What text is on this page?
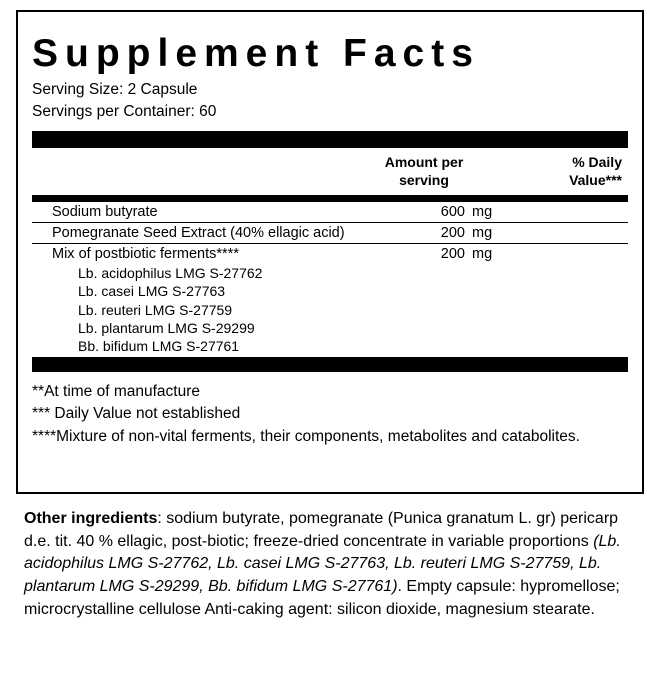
Supplement Facts
Serving Size: 2 Capsule
Servings per Container: 60
Amount per
serving
% Daily
Value***
Sodium butyrate	600	mg	
Pomegranate Seed Extract (40% ellagic acid)	200	mg	
Mix of postbiotic ferments****	200	mg	
Lb. acidophilus LMG S-27762
Lb. casei LMG S-27763
Lb. reuteri LMG S-27759
Lb. plantarum LMG S-29299
Bb. bifidum LMG S-27761
**At time of manufacture
*** Daily Value not established
****Mixture of non-vital ferments, their components, metabolites and catabolites.
Other ingredients: sodium butyrate, pomegranate (Punica granatum L. gr) pericarp d.e. tit. 40 % ellagic, post-biotic; freeze-dried concentrate in variable proportions (Lb. acidophilus LMG S-27762, Lb. casei LMG S-27763, Lb. reuteri LMG S-27759, Lb. plantarum LMG S-29299, Bb. bifidum LMG S-27761). Empty capsule: hypromellose; microcrystalline cellulose Anti-caking agent: silicon dioxide, magnesium stearate.
